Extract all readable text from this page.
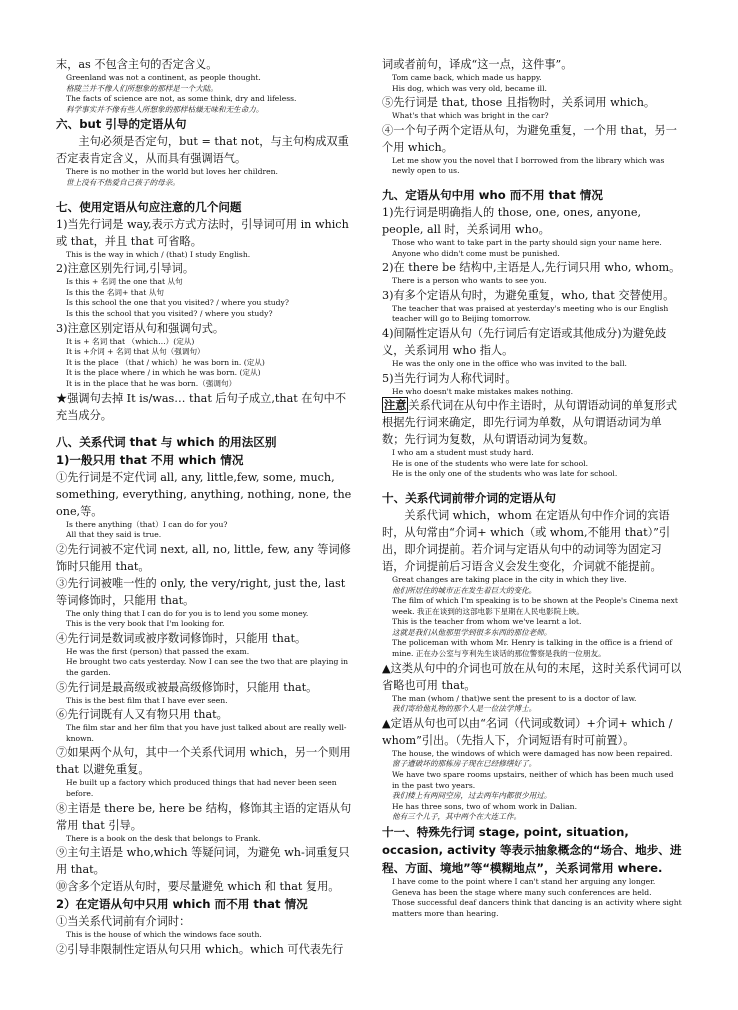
末，as 不包含主句的否定含义。
Greenland was not a continent, as people thought.
格陵兰并不像人们所想象的那样是一个大陆。
The facts of science are not, as some think, dry and lifeless.
科学事实并不像有些人所想象的那样枯燥无味和无生命力。
六、but 引导的定语从句
　　主句必须是否定句，but = that not，与主句构成双重否定表肯定含义，从而具有强调语气。
There is no mother in the world but loves her children.
世上没有不热爱自己孩子的母亲。
七、使用定语从句应注意的几个问题
1)当先行词是 way,表示方式方法时，引导词可用 in which 或 that，并且 that 可省略。
This is the way in which / (that) I study English.
2)注意区别先行词,引导词。
Is this + 名词 the one that 从句
Is this the 名词+ that 从句
Is this school the one that you visited? / where you study?
Is this the school that you visited? / where you study?
3)注意区别定语从句和强调句式。
It is + 名词 that （which…）(定从)
It is +介词 + 名词 that 从句（强调句）
It is the place （that / which）he was born in. (定从)
It is the place where / in which he was born. (定从)
It is in the place that he was born.（强调句）
★强调句去掉 It is/was… that 后句子成立,that 在句中不充当成分。
八、关系代词 that 与 which 的用法区别
1)一般只用 that 不用 which 情况
①先行词是不定代词 all, any, little,few, some, much, something, everything, anything, nothing, none, the one,等。
Is there anything（that）I can do for you?
All that they said is true.
②先行词被不定代词 next, all, no, little, few, any 等词修饰时只能用 that。
③先行词被唯一性的 only, the very/right, just the, last 等词修饰时，只能用 that。
The only thing that I can do for you is to lend you some money.
This is the very book that I'm looking for.
④先行词是数词或被序数词修饰时，只能用 that。
He was the first (person) that passed the exam.
He brought two cats yesterday. Now I can see the two that are playing in the garden.
⑤先行词是最高级或被最高级修饰时，只能用 that。
This is the best film that I have ever seen.
⑥先行词既有人又有物只用 that。
The film star and her film that you have just talked about are really well-known.
⑦如果两个从句，其中一个关系代词用 which，另一个则用 that 以避免重复。
He built up a factory which produced things that had never been seen before.
⑧主语是 there be, here be 结构，修饰其主语的定语从句常用 that 引导。
There is a book on the desk that belongs to Frank.
⑨主句主语是 who,which 等疑问词，为避免 wh-词重复只用 that。
⑩含多个定语从句时，要尽量避免 which 和 that 复用。
2）在定语从句中只用 which 而不用 that 情况
①当关系代词前有介词时：
This is the house of which the windows face south.
②引导非限制性定语从句只用 which。which 可代表先行
词或者前句，译成“这一点，这件事”。
Tom came back, which made us happy.
His dog, which was very old, became ill.
⑤先行词是 that, those 且指物时，关系词用 which。
What's that which was bright in the car?
④一个句子两个定语从句，为避免重复，一个用 that，另一个用 which。
Let me show you the novel that I borrowed from the library which was newly open to us.
九、定语从句中用 who 而不用 that 情况
1)先行词是明确指人的 those, one, ones, anyone, people, all 时，关系词用 who。
Those who want to take part in the party should sign your name here.
Anyone who didn't come must be punished.
2)在 there be 结构中,主语是人,先行词只用 who, whom。
There is a person who wants to see you.
3)有多个定语从句时，为避免重复，who, that 交替使用。
The teacher that was praised at yesterday's meeting who is our English teacher will go to Beijing tomorrow.
4)间隔性定语从句（先行词后有定语或其他成分)为避免歧义，关系词用 who 指人。
He was the only one in the office who was invited to the ball.
5)当先行词为人称代词时。
He who doesn't make mistakes makes nothing.
注意 关系代词在从句中作主语时，从句谓语动词的单复形式根据先行词来确定，即先行词为单数，从句谓语动词为单数；先行词为复数，从句谓语动词为复数。
I who am a student must study hard.
He is one of the students who were late for school.
He is the only one of the students who was late for school.
十、关系代词前带介词的定语从句
　　关系代词 which，whom 在定语从句中作介词的宾语时，从句常由“介词+ which（或 whom,不能用 that）”引出，即介词提前。若介词与定语从句中的动词等为固定习语，介词提前后习语含义会发生变化，介词就不能提前。
Great changes are taking place in the city in which they live.
他们所居住的城市正在发生着巨大的变化。
The film of which I'm speaking is to be shown at the People's Cinema next week. 我正在谈到的这部电影下星期在人民电影院上映。
This is the teacher from whom we've learnt a lot.
这就是我们从他那里学到很多东西的那位老师。
The policeman with whom Mr. Henry is talking in the office is a friend of mine. 正在办公室与亨利先生谈话的那位警察是我的一位朋友。
▲这类从句中的介词也可放在从句的末尾，这时关系代词可以省略也可用 that。
The man (whom / that)we sent the present to is a doctor of law.
我们寄给他礼物的那个人是一位法学博士。
▲定语从句也可以由“名词（代词或数词）+介词+ which / whom”引出。（先指人下，介词短语有时可前置）。
The house, the windows of which were damaged has now been repaired.
窗子遭破坏的那栋房子现在已经修缮好了。
We have two spare rooms upstairs, neither of which has been much used in the past two years.
我们楼上有两间空房，过去两年内都很少用过。
He has three sons, two of whom work in Dalian.
他有三个儿子，其中两个在大连工作。
十一、特殊先行词 stage, point, situation, occasion, activity 等表示抽象概念的“场合、地步、进程、方面、境地”等“模糊地点”，关系词常用 where.
I have come to the point where I can't stand her arguing any longer.
Geneva has been the stage where many such conferences are held.
Those successful deaf dancers think that dancing is an activity where sight matters more than hearing.
